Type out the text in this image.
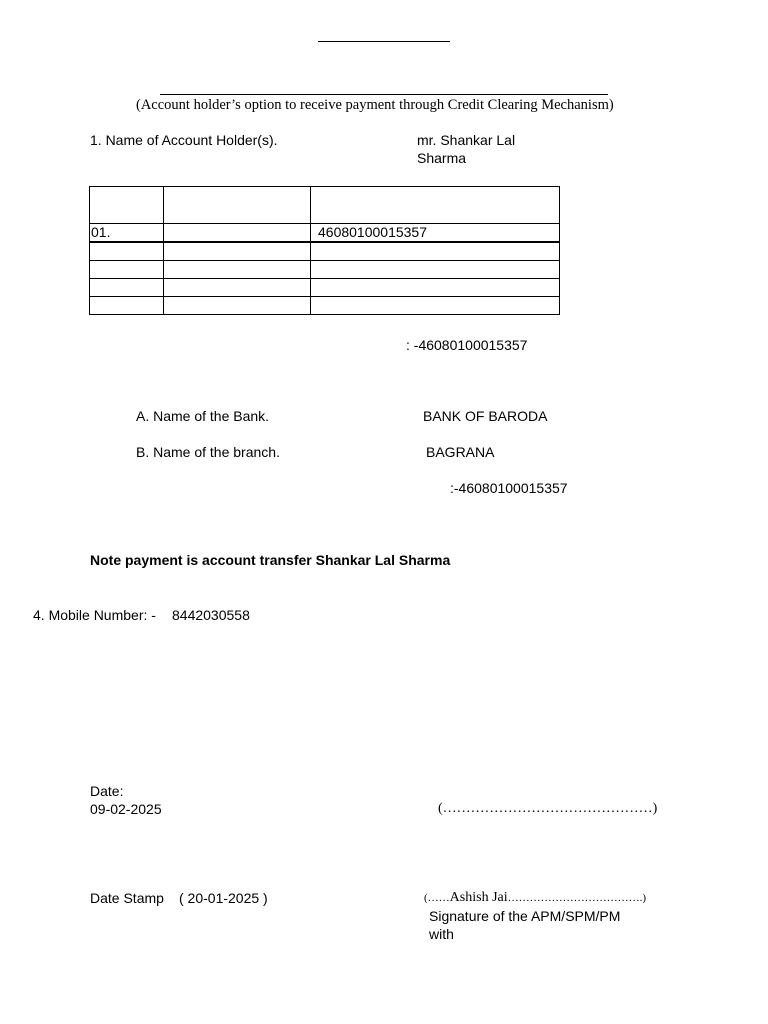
(Account holder’s option to receive payment through Credit Clearing Mechanism)
1. Name of Account Holder(s).	mr. Shankar Lal
Sharma

01.		46080100015357

: -46080100015357
A. Name of the Bank.	BANK OF BARODA
B. Name of the branch.	BAGRANA
:-46080100015357
Note payment is account transfer Shankar Lal Sharma
4. Mobile Number: - 8442030558
Date:
09-02-2025	(………………………………………)
Date Stamp ( 20-01-2025 )	(……Ashish Jai……………………………….)
Signature of the APM/SPM/PM
with
